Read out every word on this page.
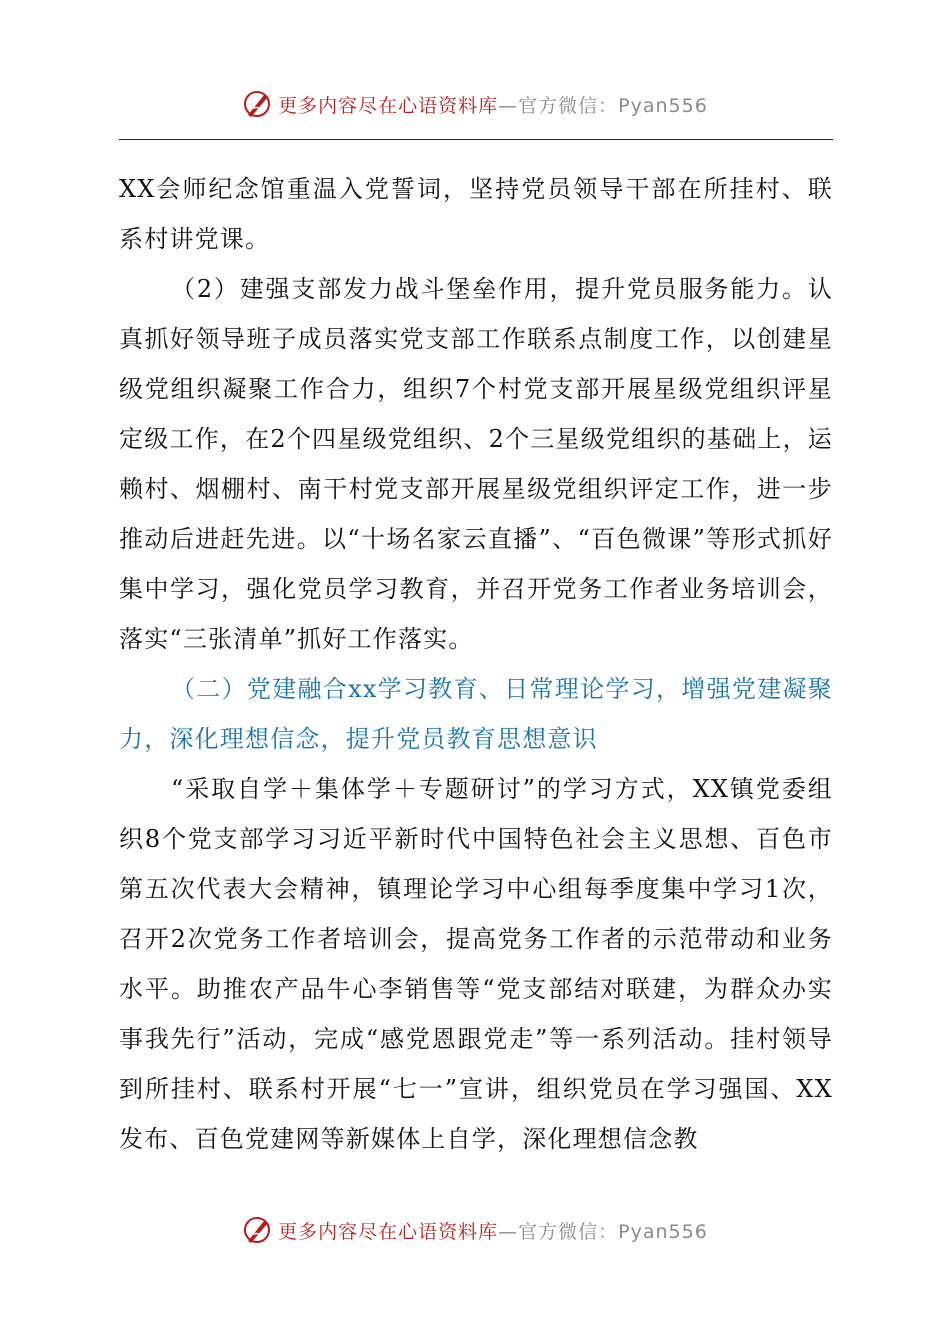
更多内容尽在心语资料库—官方微信：Pyan556

XX会师纪念馆重温入党誓词，坚持党员领导干部在所挂村、联系村讲党课。

（2）建强支部发力战斗堡垒作用，提升党员服务能力。认真抓好领导班子成员落实党支部工作联系点制度工作，以创建星级党组织凝聚工作合力，组织7个村党支部开展星级党组织评星定级工作，在2个四星级党组织、2个三星级党组织的基础上，运赖村、烟棚村、南干村党支部开展星级党组织评定工作，进一步推动后进赶先进。以“十场名家云直播”、“百色微课”等形式抓好集中学习，强化党员学习教育，并召开党务工作者业务培训会，落实“三张清单”抓好工作落实。

（二）党建融合xx学习教育、日常理论学习，增强党建凝聚力，深化理想信念，提升党员教育思想意识

“采取自学＋集体学＋专题研讨”的学习方式，XX镇党委组织8个党支部学习习近平新时代中国特色社会主义思想、百色市第五次代表大会精神，镇理论学习中心组每季度集中学习1次，召开2次党务工作者培训会，提高党务工作者的示范带动和业务水平。助推农产品牛心李销售等“党支部结对联建，为群众办实事我先行”活动，完成“感党恩跟党走”等一系列活动。挂村领导到所挂村、联系村开展“七一”宣讲，组织党员在学习强国、XX发布、百色党建网等新媒体上自学，深化理想信念教

更多内容尽在心语资料库—官方微信：Pyan556
